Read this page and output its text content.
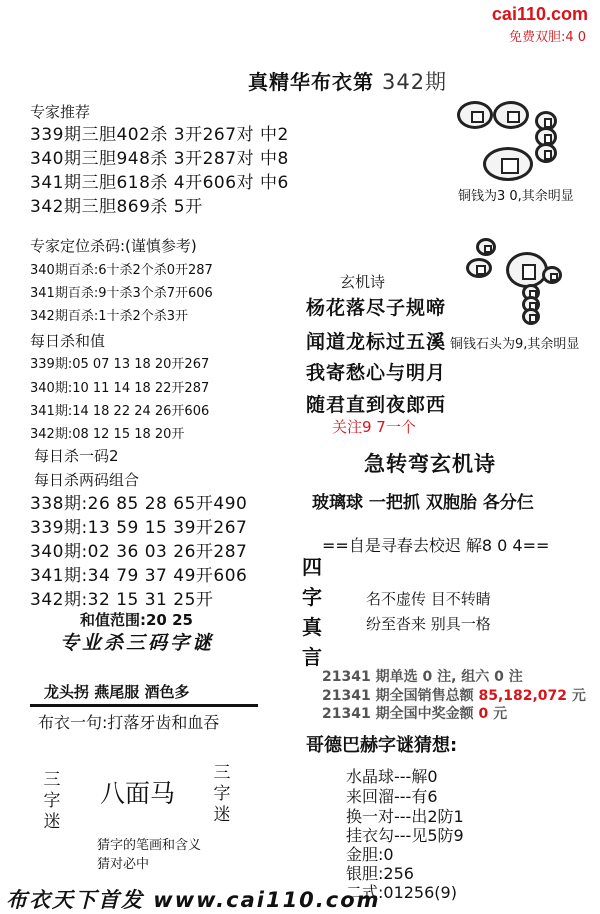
cai110.com
免费双胆:4 0
真精华布衣第 342期
专家推荐
339期三胆402杀 3开267对 中2
340期三胆948杀 3开287对 中8
341期三胆618杀 4开606对 中6
342期三胆869杀 5开
专家定位杀码:(谨慎参考)
340期百杀:6十杀2个杀0开287
341期百杀:9十杀3个杀7开606
342期百杀:1十杀2个杀3开
每日杀和值
339期:05 07 13 18 20开267
340期:10 11 14 18 22开287
341期:14 18 22 24 26开606
342期:08 12 15 18 20开
每日杀一码2
每日杀两码组合
338期:26 85 28 65开490
339期:13 59 15 39开267
340期:02 36 03 26开287
341期:34 79 37 49开606
342期:32 15 31 25开
和值范围:20 25
专业杀三码字谜
龙头拐 燕尾服 酒色多
布衣一句:打落牙齿和血吞
三字迷
八面马
三字迷
猜字的笔画和含义
猜对必中
铜钱为3 0,其余明显
铜钱石头为9,其余明显
玄机诗
杨花落尽子规啼
闻道龙标过五溪
我寄愁心与明月
随君直到夜郎西
关注9 7一个
急转弯玄机诗
玻璃球 一把抓 双胞胎 各分仨
==自是寻春去校迟 解8 0 4==
四字真言
名不虚传 目不转睛
纷至沓来 别具一格
21341 期单选 0 注, 组六 0 注
21341 期全国销售总额 85,182,072 元
21341 期全国中奖金额 0 元
哥德巴赫字谜猜想:
水晶球---解0
来回溜---有6
换一对---出2防1
挂衣勾---见5防9
金胆:0
银胆:256
二式:01256(9)
布衣天下首发 www.cai110.com
